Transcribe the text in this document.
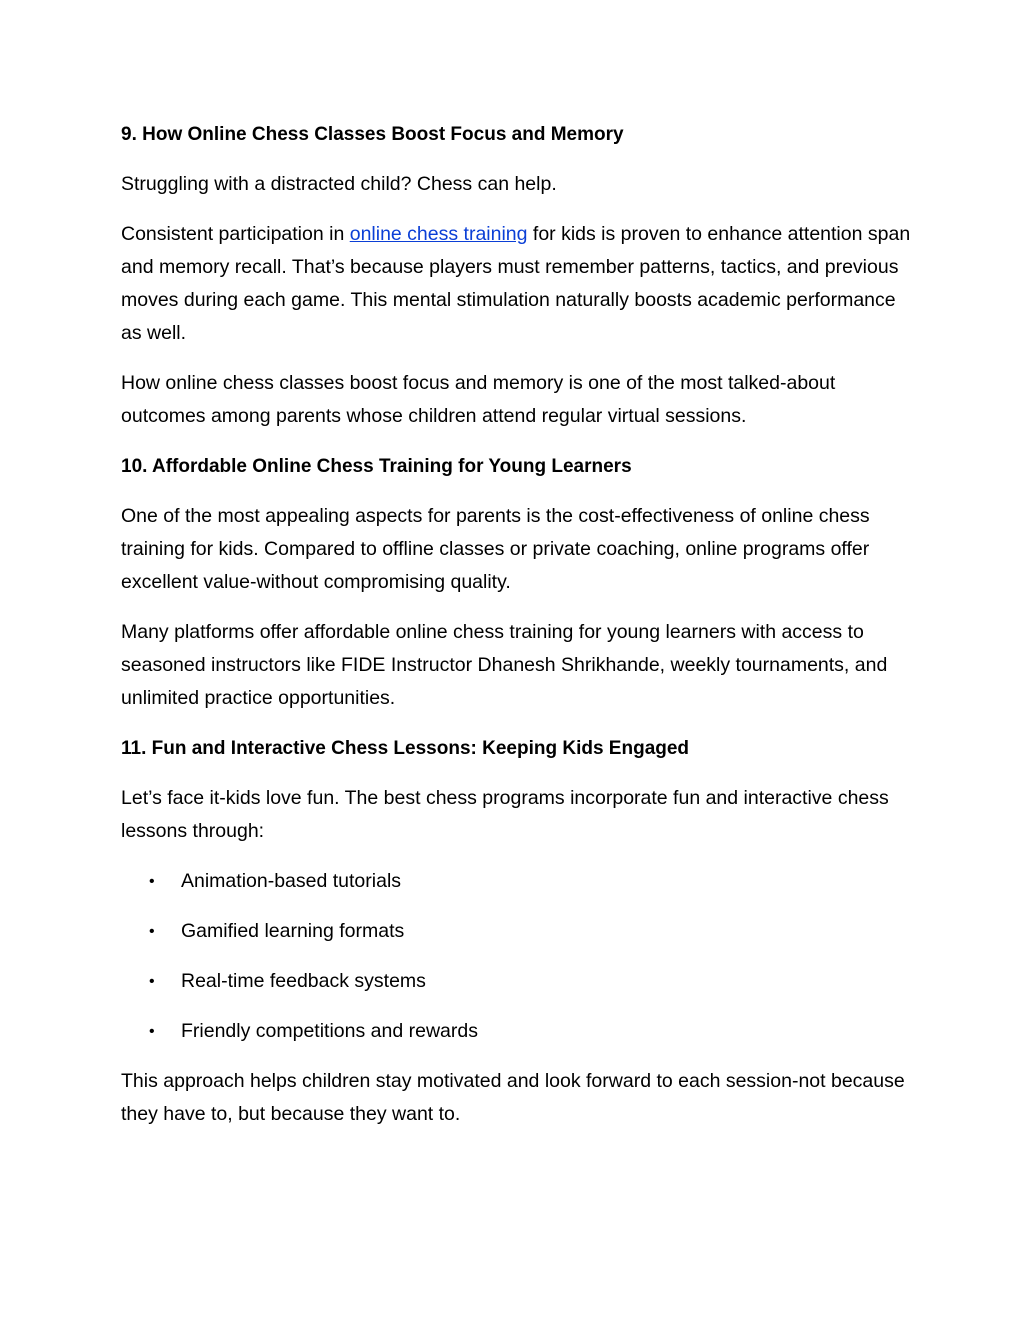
9. How Online Chess Classes Boost Focus and Memory
Struggling with a distracted child? Chess can help.
Consistent participation in online chess training for kids is proven to enhance attention span and memory recall. That’s because players must remember patterns, tactics, and previous moves during each game. This mental stimulation naturally boosts academic performance as well.
How online chess classes boost focus and memory is one of the most talked-about outcomes among parents whose children attend regular virtual sessions.
10. Affordable Online Chess Training for Young Learners
One of the most appealing aspects for parents is the cost-effectiveness of online chess training for kids. Compared to offline classes or private coaching, online programs offer excellent value-without compromising quality.
Many platforms offer affordable online chess training for young learners with access to seasoned instructors like FIDE Instructor Dhanesh Shrikhande, weekly tournaments, and unlimited practice opportunities.
11. Fun and Interactive Chess Lessons: Keeping Kids Engaged
Let’s face it-kids love fun. The best chess programs incorporate fun and interactive chess lessons through:
• Animation-based tutorials
• Gamified learning formats
• Real-time feedback systems
• Friendly competitions and rewards
This approach helps children stay motivated and look forward to each session-not because they have to, but because they want to.
